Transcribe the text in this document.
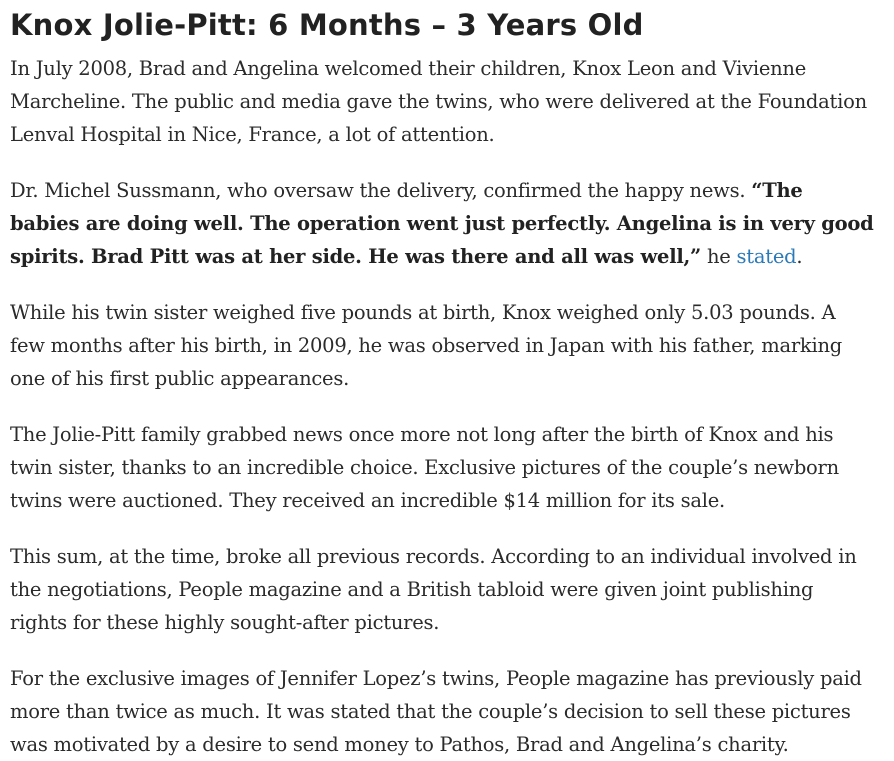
Knox Jolie-Pitt: 6 Months – 3 Years Old

In July 2008, Brad and Angelina welcomed their children, Knox Leon and Vivienne Marcheline. The public and media gave the twins, who were delivered at the Foundation Lenval Hospital in Nice, France, a lot of attention.

Dr. Michel Sussmann, who oversaw the delivery, confirmed the happy news. “The babies are doing well. The operation went just perfectly. Angelina is in very good spirits. Brad Pitt was at her side. He was there and all was well,” he stated.

While his twin sister weighed five pounds at birth, Knox weighed only 5.03 pounds. A few months after his birth, in 2009, he was observed in Japan with his father, marking one of his first public appearances.

The Jolie-Pitt family grabbed news once more not long after the birth of Knox and his twin sister, thanks to an incredible choice. Exclusive pictures of the couple’s newborn twins were auctioned. They received an incredible $14 million for its sale.

This sum, at the time, broke all previous records. According to an individual involved in the negotiations, People magazine and a British tabloid were given joint publishing rights for these highly sought-after pictures.

For the exclusive images of Jennifer Lopez’s twins, People magazine has previously paid more than twice as much. It was stated that the couple’s decision to sell these pictures was motivated by a desire to send money to Pathos, Brad and Angelina’s charity.
